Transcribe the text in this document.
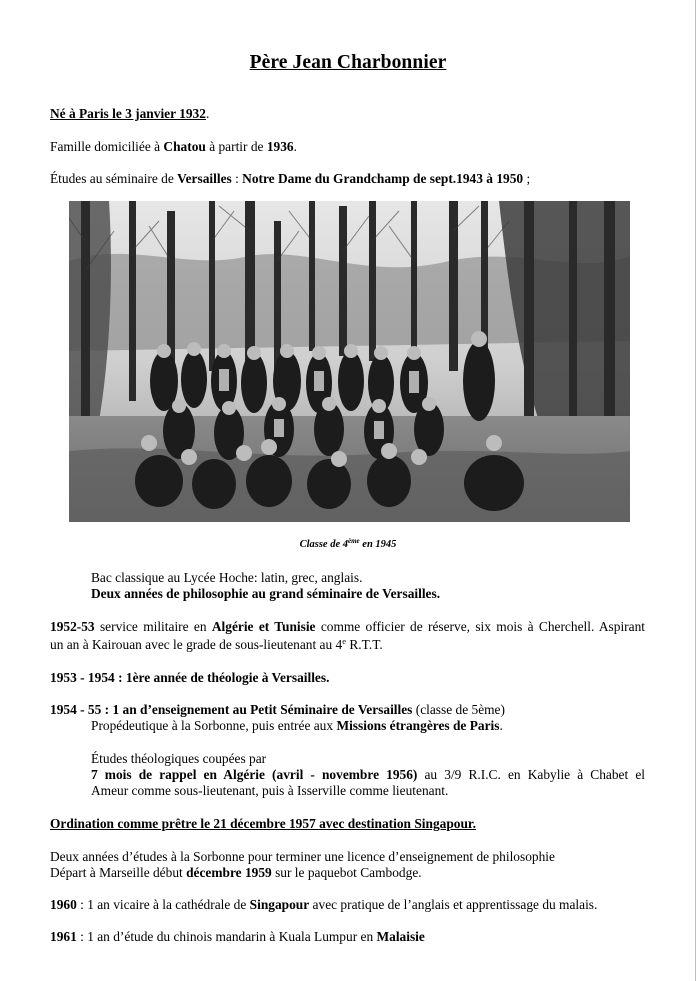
Père Jean Charbonnier
Né à Paris le 3 janvier 1932.
Famille domiciliée à Chatou à partir de 1936.
Études au séminaire de Versailles : Notre Dame du Grandchamp de sept.1943 à 1950 ;
Classe de 4ème en 1945
Bac classique au Lycée Hoche: latin, grec, anglais.
Deux années de philosophie au grand séminaire de Versailles.
1952-53 service militaire en Algérie et Tunisie comme officier de réserve, six mois à Cherchell. Aspirant
un an à Kairouan avec le grade de sous-lieutenant au 4e R.T.T.
1953 - 1954 : 1ère année de théologie à Versailles.
1954 - 55 : 1 an d’enseignement au Petit Séminaire de Versailles (classe de 5ème)
Propédeutique à la Sorbonne, puis entrée aux Missions étrangères de Paris.
Études théologiques coupées par
7 mois de rappel en Algérie (avril - novembre 1956) au 3/9 R.I.C. en Kabylie à Chabet el
Ameur comme sous-lieutenant, puis à Isserville comme lieutenant.
Ordination comme prêtre le 21 décembre 1957 avec destination Singapour.
Deux années d’études à la Sorbonne pour terminer une licence d’enseignement de philosophie
Départ à Marseille début décembre 1959 sur le paquebot Cambodge.
1960 : 1 an vicaire à la cathédrale de Singapour avec pratique de l’anglais et apprentissage du malais.
1961 : 1 an d’étude du chinois mandarin à Kuala Lumpur en Malaisie
